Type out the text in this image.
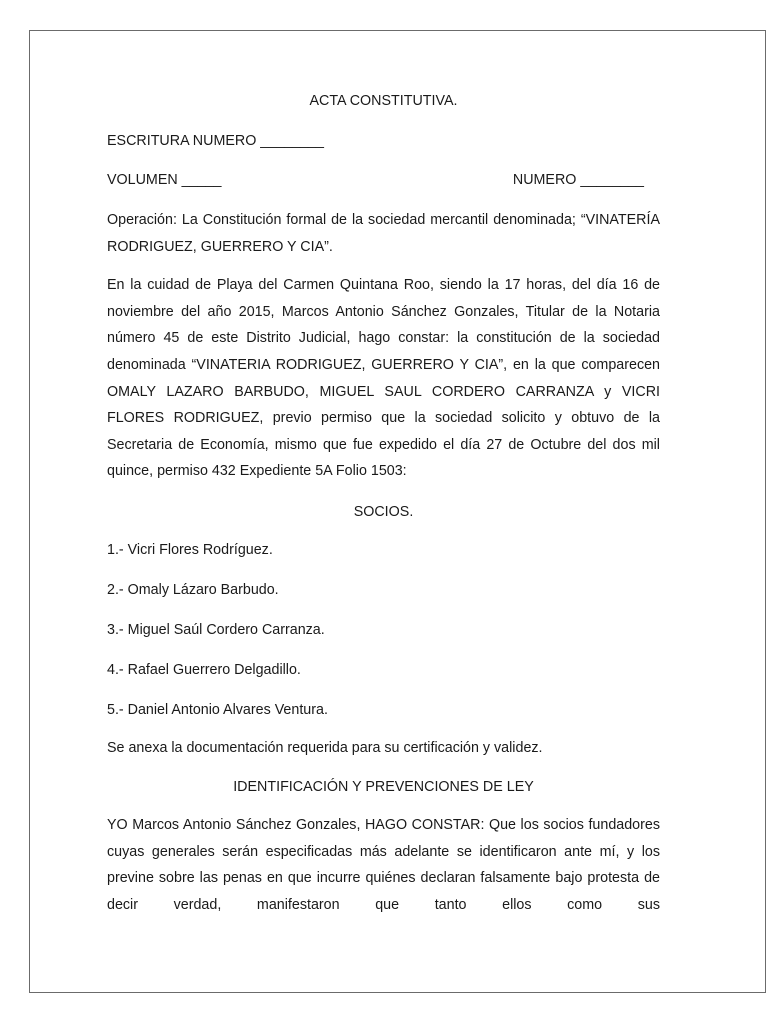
ACTA CONSTITUTIVA.
ESCRITURA NUMERO ________
VOLUMEN _____	NUMERO ________
Operación: La Constitución formal de la sociedad mercantil denominada; “VINATERÍA RODRIGUEZ, GUERRERO Y CIA”.
En la cuidad de Playa del Carmen Quintana Roo, siendo la 17 horas, del día 16 de noviembre del año 2015, Marcos Antonio Sánchez Gonzales, Titular de la Notaria número 45 de este Distrito Judicial, hago constar: la constitución de la sociedad denominada “VINATERIA RODRIGUEZ, GUERRERO Y CIA”, en la que comparecen OMALY LAZARO BARBUDO, MIGUEL SAUL CORDERO CARRANZA y VICRI FLORES RODRIGUEZ, previo permiso que la sociedad solicito y obtuvo de la Secretaria de Economía, mismo que fue expedido el día 27 de Octubre del dos mil quince, permiso 432 Expediente 5A Folio 1503:
SOCIOS.
1.- Vicri Flores Rodríguez.
2.- Omaly Lázaro Barbudo.
3.- Miguel Saúl Cordero Carranza.
4.- Rafael Guerrero Delgadillo.
5.- Daniel Antonio Alvares Ventura.
Se anexa la documentación requerida para su certificación y validez.
IDENTIFICACIÓN Y PREVENCIONES DE LEY
YO Marcos Antonio Sánchez Gonzales, HAGO CONSTAR: Que los socios fundadores cuyas generales serán especificadas más adelante se identificaron ante mí, y los previne sobre las penas en que incurre quiénes declaran falsamente bajo protesta de decir verdad, manifestaron que tanto ellos como sus
